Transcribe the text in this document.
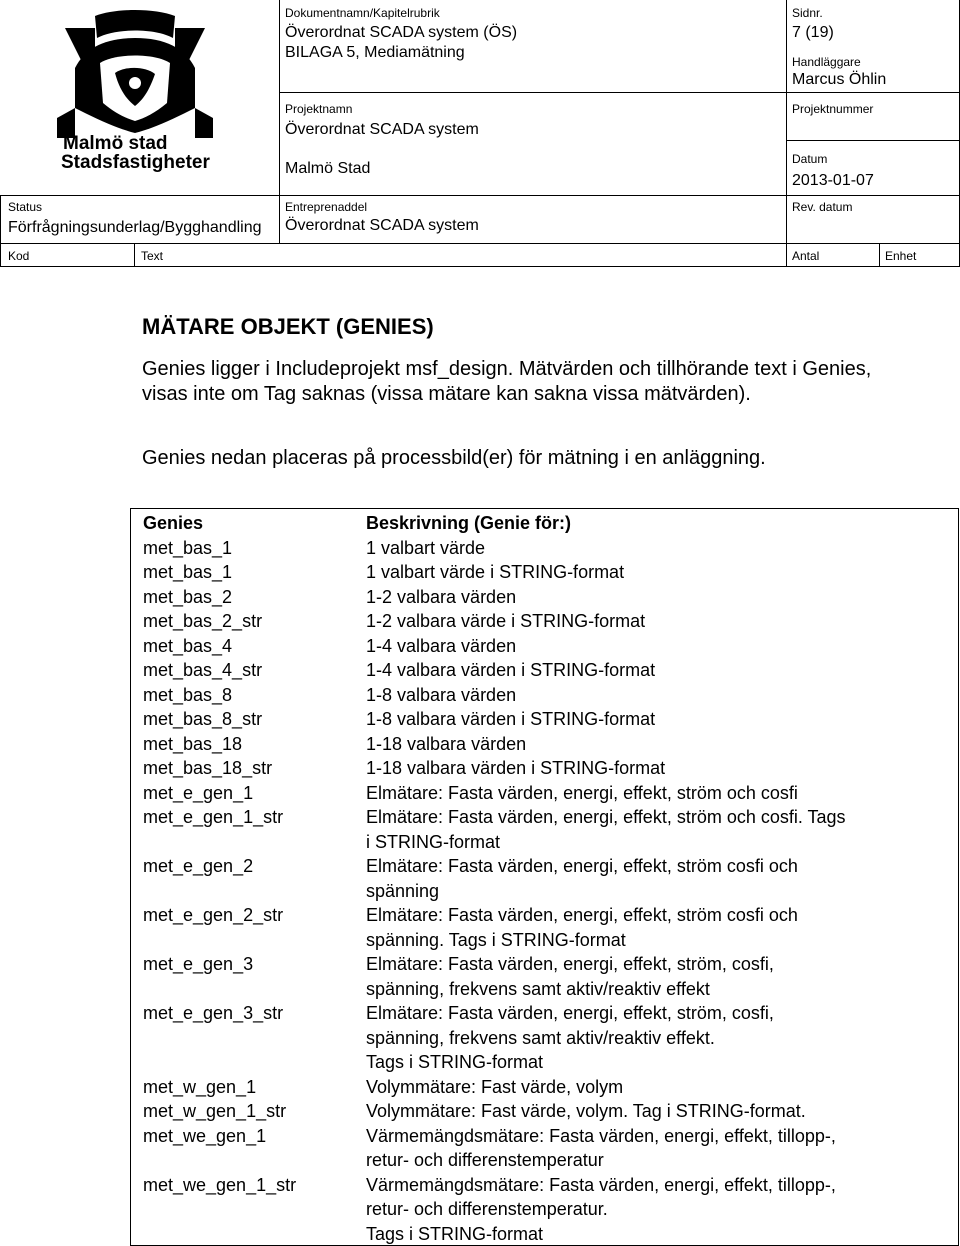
Malmö stad
Stadsfastigheter
Dokumentnamn/Kapitelrubrik
Överordnat SCADA system (ÖS)
BILAGA 5, Mediamätning
Sidnr.
7 (19)
Handläggare
Marcus Öhlin
Projektnamn
Överordnat SCADA system
Malmö Stad
Projektnummer
Datum
2013-01-07
Status
Förfrågningsunderlag/Bygghandling
Entreprenaddel
Överordnat SCADA system
Rev. datum
Kod	Text	Antal	Enhet
MÄTARE OBJEKT (GENIES)
Genies ligger i Includeprojekt msf_design. Mätvärden och tillhörande text i Genies, visas inte om Tag saknas (vissa mätare kan sakna vissa mätvärden).
Genies nedan placeras på processbild(er) för mätning i en anläggning.
Genies	Beskrivning (Genie för:)
met_bas_1	1 valbart värde
met_bas_1	1 valbart värde i STRING-format
met_bas_2	1-2 valbara värden
met_bas_2_str	1-2 valbara värde i STRING-format
met_bas_4	1-4 valbara värden
met_bas_4_str	1-4 valbara värden i STRING-format
met_bas_8	1-8 valbara värden
met_bas_8_str	1-8 valbara värden i STRING-format
met_bas_18	1-18 valbara värden
met_bas_18_str	1-18 valbara värden i STRING-format
met_e_gen_1	Elmätare: Fasta värden, energi, effekt, ström och cosfi
met_e_gen_1_str	Elmätare: Fasta värden, energi, effekt, ström och cosfi. Tags
i STRING-format
met_e_gen_2	Elmätare: Fasta värden, energi, effekt, ström cosfi och
spänning
met_e_gen_2_str	Elmätare: Fasta värden, energi, effekt, ström cosfi och
spänning. Tags i STRING-format
met_e_gen_3	Elmätare: Fasta värden, energi, effekt, ström, cosfi,
spänning, frekvens samt aktiv/reaktiv effekt
met_e_gen_3_str	Elmätare: Fasta värden, energi, effekt, ström, cosfi,
spänning, frekvens samt aktiv/reaktiv effekt.
Tags i STRING-format
met_w_gen_1	Volymmätare: Fast värde, volym
met_w_gen_1_str	Volymmätare: Fast värde, volym. Tag i STRING-format.
met_we_gen_1	Värmemängdsmätare: Fasta värden, energi, effekt, tillopp-,
retur- och differenstemperatur
met_we_gen_1_str	Värmemängdsmätare: Fasta värden, energi, effekt, tillopp-,
retur- och differenstemperatur.
Tags i STRING-format
